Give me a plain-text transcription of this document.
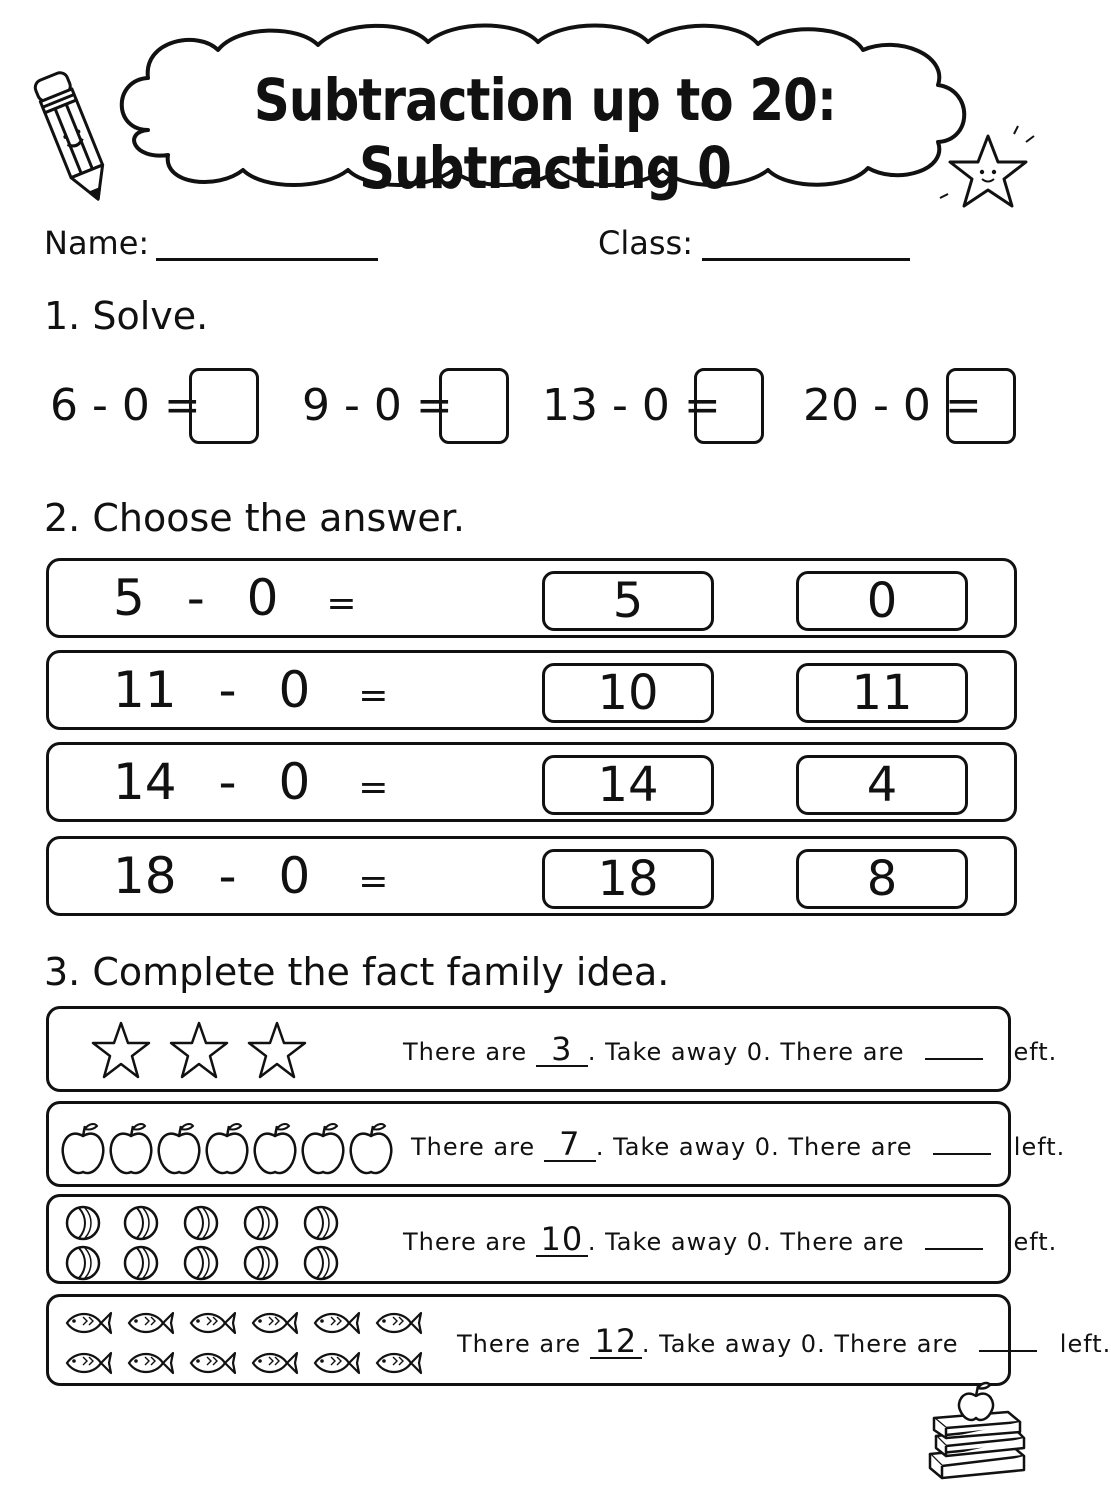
Subtraction up to 20: Subtracting 0
Name:	Class:
1. Solve.
6 - 0 = 9 - 0 = 13 - 0 = 20 - 0 =
2. Choose the answer.
5 - 0 =	5	0
11 - 0 =	10	11
14 - 0 =	14	4
18 - 0 =	18	8
3. Complete the fact family idea.
There are 3 . Take away 0. There are	left.
There are 7 . Take away 0. There are	left.
There are 10 . Take away 0. There are	left.
There are 12 . Take away 0. There are	left.
